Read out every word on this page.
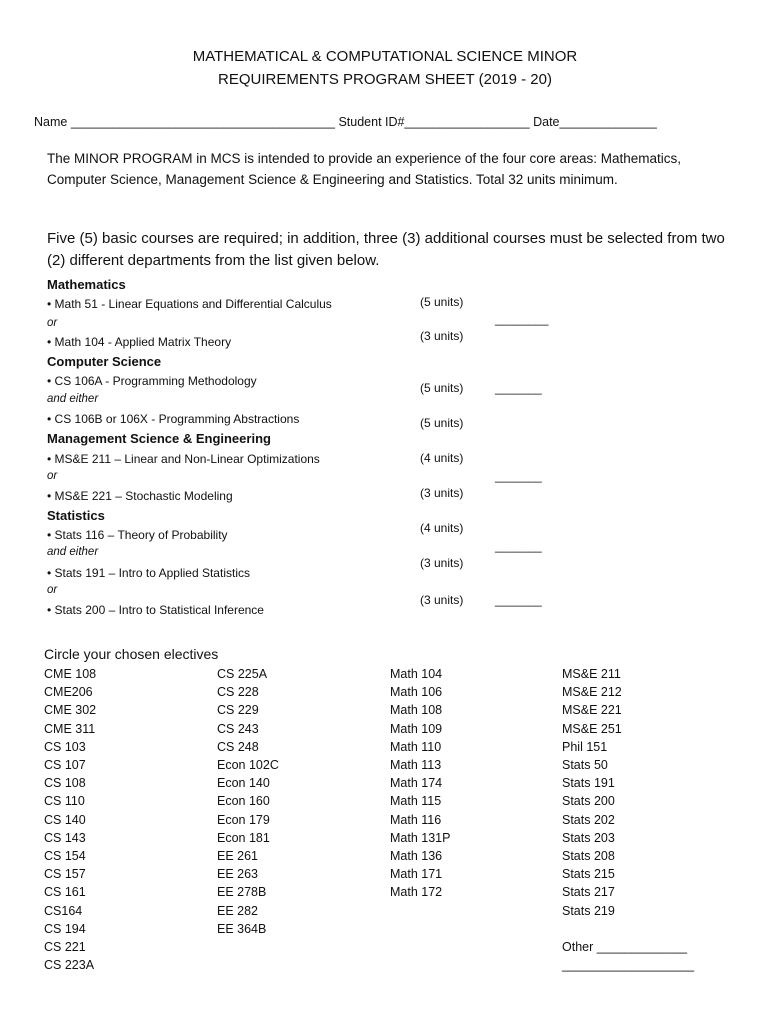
MATHEMATICAL & COMPUTATIONAL SCIENCE MINOR
REQUIREMENTS PROGRAM SHEET (2019 - 20)
Name ______________________________________ Student ID#__________________ Date______________
The MINOR PROGRAM in MCS is intended to provide an experience of the four core areas: Mathematics, Computer Science, Management Science & Engineering and Statistics. Total 32 units minimum.
Five (5) basic courses are required; in addition, three (3) additional courses must be selected from two (2) different departments from the list given below.
Mathematics
• Math 51 - Linear Equations and Differential Calculus
or
• Math 104 - Applied Matrix Theory
(5 units)
(3 units)
________
Computer Science
• CS 106A - Programming Methodology
and either
• CS 106B or 106X - Programming Abstractions
(5 units)
(5 units)
_______
Management Science & Engineering
• MS&E 211 – Linear and Non-Linear Optimizations
or
• MS&E 221 – Stochastic Modeling
(4 units)
(3 units)
_______
Statistics
• Stats 116 – Theory of Probability
and either
• Stats 191 – Intro to Applied Statistics
or
• Stats 200 – Intro to Statistical Inference
(4 units)
(3 units)
(3 units)
_______
_______
Circle your chosen electives
CME 108
CME206
CME 302
CME 311
CS 103
CS 107
CS 108
CS 110
CS 140
CS 143
CS 154
CS 157
CS 161
CS164
CS 194
CS 221
CS 223A
CS 225A
CS 228
CS 229
CS 243
CS 248
Econ 102C
Econ 140
Econ 160
Econ 179
Econ 181
EE 261
EE 263
EE 278B
EE 282
EE 364B
Math 104
Math 106
Math 108
Math 109
Math 110
Math 113
Math 174
Math 115
Math 116
Math 131P
Math 136
Math 171
Math 172
MS&E 211
MS&E 212
MS&E 221
MS&E 251
Phil 151
Stats 50
Stats 191
Stats 200
Stats 202
Stats 203
Stats 208
Stats 215
Stats 217
Stats 219
Other _____________
___________________
